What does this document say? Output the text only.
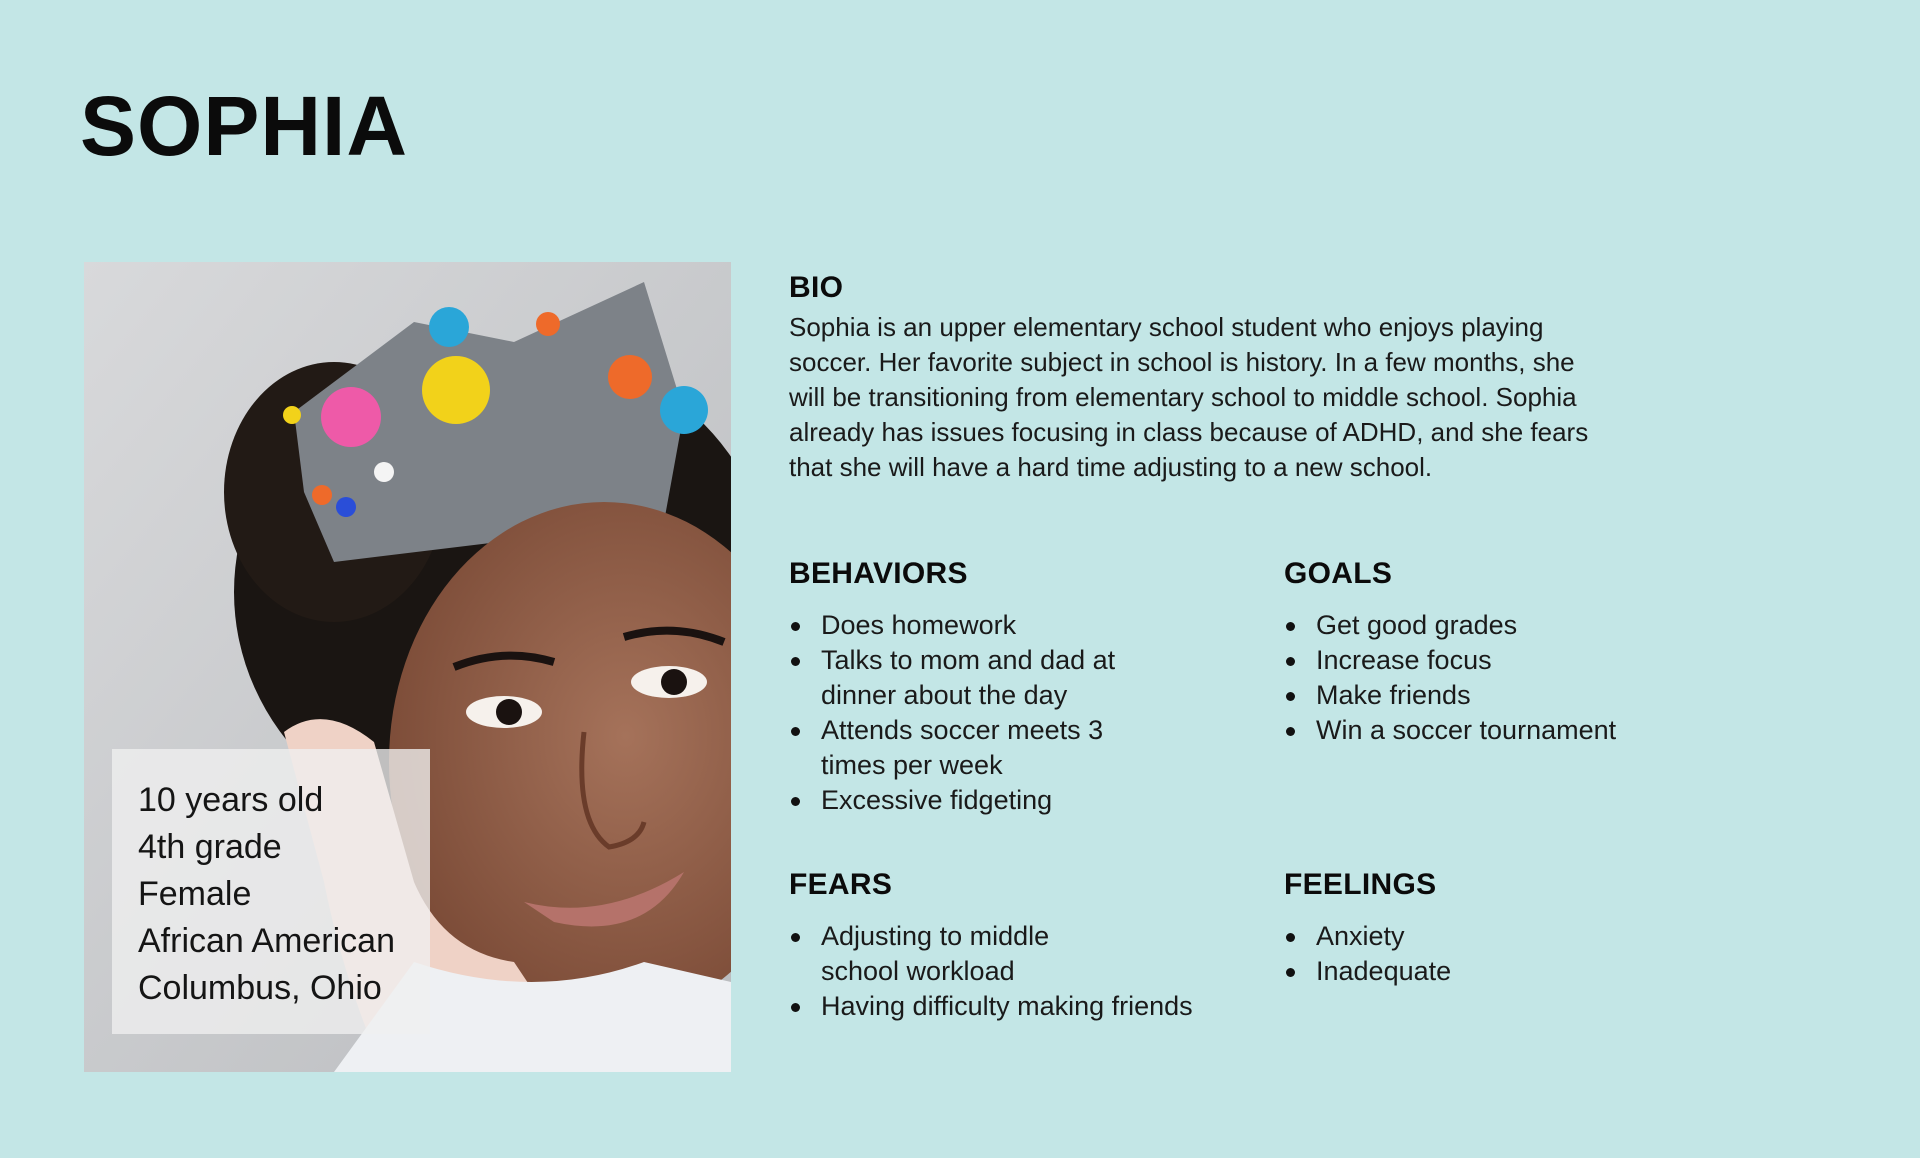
SOPHIA
10 years old
4th grade
Female
African American
Columbus, Ohio
BIO

Sophia is an upper elementary school student who enjoys playing soccer. Her favorite subject in school is history. In a few months, she will be transitioning from elementary school to middle school. Sophia already has issues focusing in class because of ADHD, and she fears that she will have a hard time adjusting to a new school.

BEHAVIORS
Does homework
Talks to mom and dad at dinner about the day
Attends soccer meets 3 times per week
Excessive fidgeting
GOALS
Get good grades
Increase focus
Make friends
Win a soccer tournament
FEARS
Adjusting to middle school workload
Having difficulty making friends
FEELINGS
Anxiety
Inadequate
